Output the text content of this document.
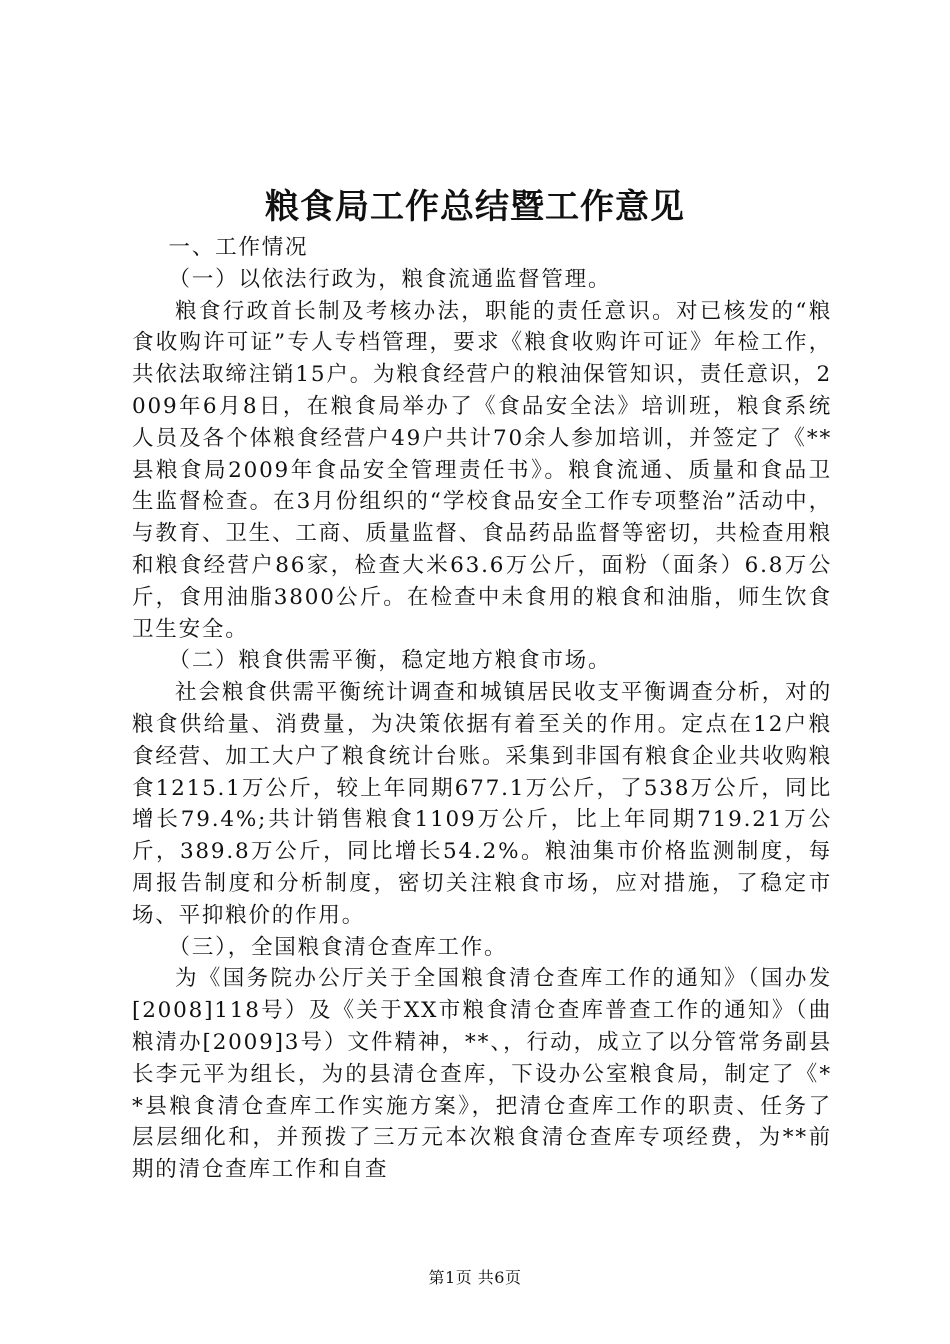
粮食局工作总结暨工作意见

一、工作情况

（一）以依法行政为，粮食流通监督管理。

粮食行政首长制及考核办法，职能的责任意识。对已核发的“粮食收购许可证”专人专档管理，要求《粮食收购许可证》年检工作，共依法取缔注销15户。为粮食经营户的粮油保管知识，责任意识，2009年6月8日，在粮食局举办了《食品安全法》培训班，粮食系统人员及各个体粮食经营户49户共计70余人参加培训，并签定了《**县粮食局2009年食品安全管理责任书》。粮食流通、质量和食品卫生监督检查。在3月份组织的“学校食品安全工作专项整治”活动中，与教育、卫生、工商、质量监督、食品药品监督等密切，共检查用粮和粮食经营户86家，检查大米63.6万公斤，面粉（面条）6.8万公斤，食用油脂3800公斤。在检查中未食用的粮食和油脂，师生饮食卫生安全。

（二）粮食供需平衡，稳定地方粮食市场。

社会粮食供需平衡统计调查和城镇居民收支平衡调查分析，对的粮食供给量、消费量，为决策依据有着至关的作用。定点在12户粮食经营、加工大户了粮食统计台账。采集到非国有粮食企业共收购粮食1215.1万公斤，较上年同期677.1万公斤，了538万公斤，同比增长79.4%;共计销售粮食1109万公斤，比上年同期719.21万公斤，389.8万公斤，同比增长54.2%。粮油集市价格监测制度，每周报告制度和分析制度，密切关注粮食市场，应对措施，了稳定市场、平抑粮价的作用。

（三），全国粮食清仓查库工作。

为《国务院办公厅关于全国粮食清仓查库工作的通知》（国办发[2008]118号）及《关于XX市粮食清仓查库普查工作的通知》（曲粮清办[2009]3号）文件精神，**、，行动，成立了以分管常务副县长李元平为组长，为的县清仓查库，下设办公室粮食局，制定了《**县粮食清仓查库工作实施方案》，把清仓查库工作的职责、任务了层层细化和，并预拨了三万元本次粮食清仓查库专项经费，为**前期的清仓查库工作和自查

第1页 共6页
